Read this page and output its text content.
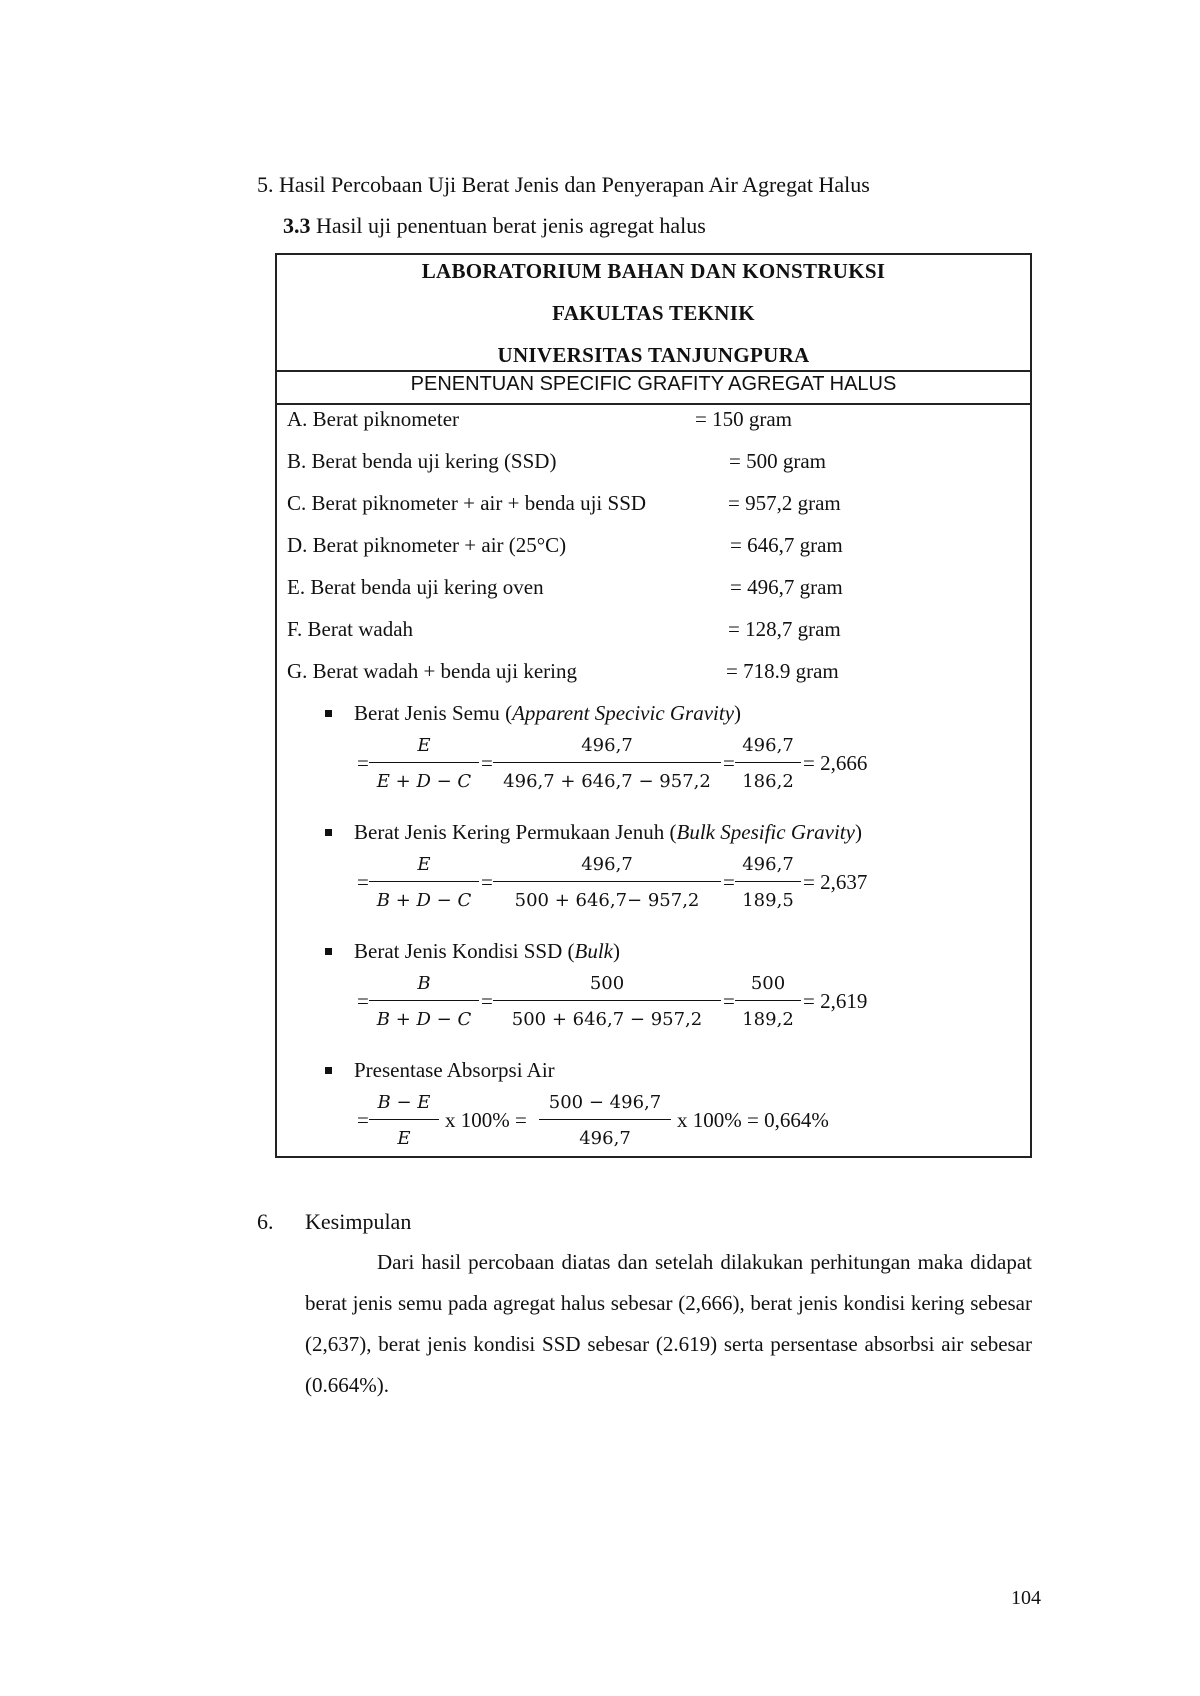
5. Hasil Percobaan Uji Berat Jenis dan Penyerapan Air Agregat Halus
3.3 Hasil uji penentuan berat jenis agregat halus
LABORATORIUM BAHAN DAN KONSTRUKSI
FAKULTAS TEKNIK
UNIVERSITAS TANJUNGPURA
PENENTUAN SPECIFIC GRAFITY AGREGAT HALUS
A. Berat piknometer	= 150 gram
B. Berat benda uji kering (SSD)	= 500 gram
C. Berat piknometer + air + benda uji SSD	= 957,2 gram
D. Berat piknometer + air (25°C)	= 646,7 gram
E. Berat benda uji kering oven	= 496,7 gram
F. Berat wadah	= 128,7 gram
G. Berat wadah + benda uji kering	= 718.9 gram
Berat Jenis Semu (Apparent Specivic Gravity)
= $\frac{E}{E + D - C} = \frac{496,7}{496,7 + 646,7 - 957,2} = \frac{496,7}{186,2} = 2,666$
Berat Jenis Kering Permukaan Jenuh (Bulk Spesific Gravity)
= $\frac{E}{B + D - C} = \frac{496,7}{500 + 646,7- 957,2} = \frac{496,7}{189,5} = 2,637$
Berat Jenis Kondisi SSD (Bulk)
= $\frac{B}{B + D - C} = \frac{500}{500 + 646,7 - 957,2} = \frac{500}{189,2} = 2,619$
Presentase Absorpsi Air
= $\frac{B - E}{E}$ x $100\% = \frac{500 - 496,7}{496,7}$ x 100% = 0,664%
6. Kesimpulan
Dari hasil percobaan diatas dan setelah dilakukan perhitungan maka didapat berat jenis semu pada agregat halus sebesar (2,666), berat jenis kondisi kering sebesar (2,637), berat jenis kondisi SSD sebesar (2.619) serta persentase absorbsi air sebesar (0.664%).
104
